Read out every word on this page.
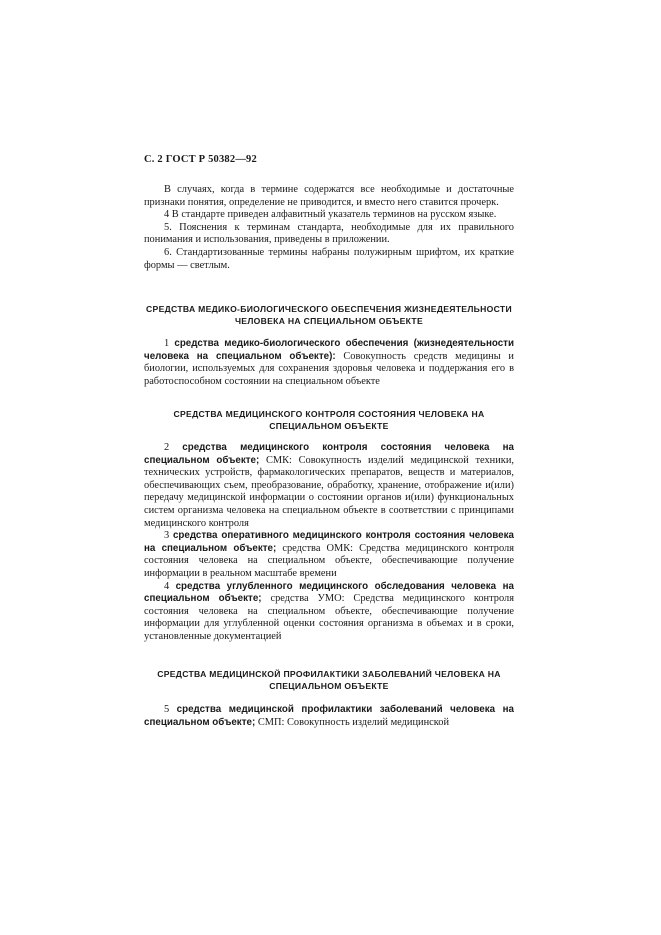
С. 2 ГОСТ Р 50382—92

В случаях, когда в термине содержатся все необходимые и достаточные признаки понятия, определение не приводится, и вместо него ставится прочерк.

4 В стандарте приведен алфавитный указатель терминов на русском языке.

5. Пояснения к терминам стандарта, необходимые для их правильного понимания и использования, приведены в приложении.

6. Стандартизованные термины набраны полужирным шрифтом, их краткие формы — светлым.

СРЕДСТВА МЕДИКО-БИОЛОГИЧЕСКОГО ОБЕСПЕЧЕНИЯ ЖИЗНЕДЕЯТЕЛЬНОСТИ ЧЕЛОВЕКА НА СПЕЦИАЛЬНОМ ОБЪЕКТЕ

1 средства медико-биологического обеспечения (жизнедеятельности человека на специальном объекте): Совокупность средств медицины и биологии, используемых для сохранения здоровья человека и поддержания его в работоспособном состоянии на специальном объекте

СРЕДСТВА МЕДИЦИНСКОГО КОНТРОЛЯ СОСТОЯНИЯ ЧЕЛОВЕКА НА СПЕЦИАЛЬНОМ ОБЪЕКТЕ

2 средства медицинского контроля состояния человека на специальном объекте; СМК: Совокупность изделий медицинской техники, технических устройств, фармакологических препаратов, веществ и материалов, обеспечивающих съем, преобразование, обработку, хранение, отображение и(или) передачу медицинской информации о состоянии органов и(или) функциональных систем организма человека на специальном объекте в соответствии с принципами медицинского контроля

3 средства оперативного медицинского контроля состояния человека на специальном объекте; средства ОМК: Средства медицинского контроля состояния человека на специальном объекте, обеспечивающие получение информации в реальном масштабе времени

4 средства углубленного медицинского обследования человека на специальном объекте; средства УМО: Средства медицинского контроля состояния человека на специальном объекте, обеспечивающие получение информации для углубленной оценки состояния организма в объемах и в сроки, установленные документацией

СРЕДСТВА МЕДИЦИНСКОЙ ПРОФИЛАКТИКИ ЗАБОЛЕВАНИЙ ЧЕЛОВЕКА НА СПЕЦИАЛЬНОМ ОБЪЕКТЕ

5 средства медицинской профилактики заболеваний человека на специальном объекте; СМП: Совокупность изделий медицинской
